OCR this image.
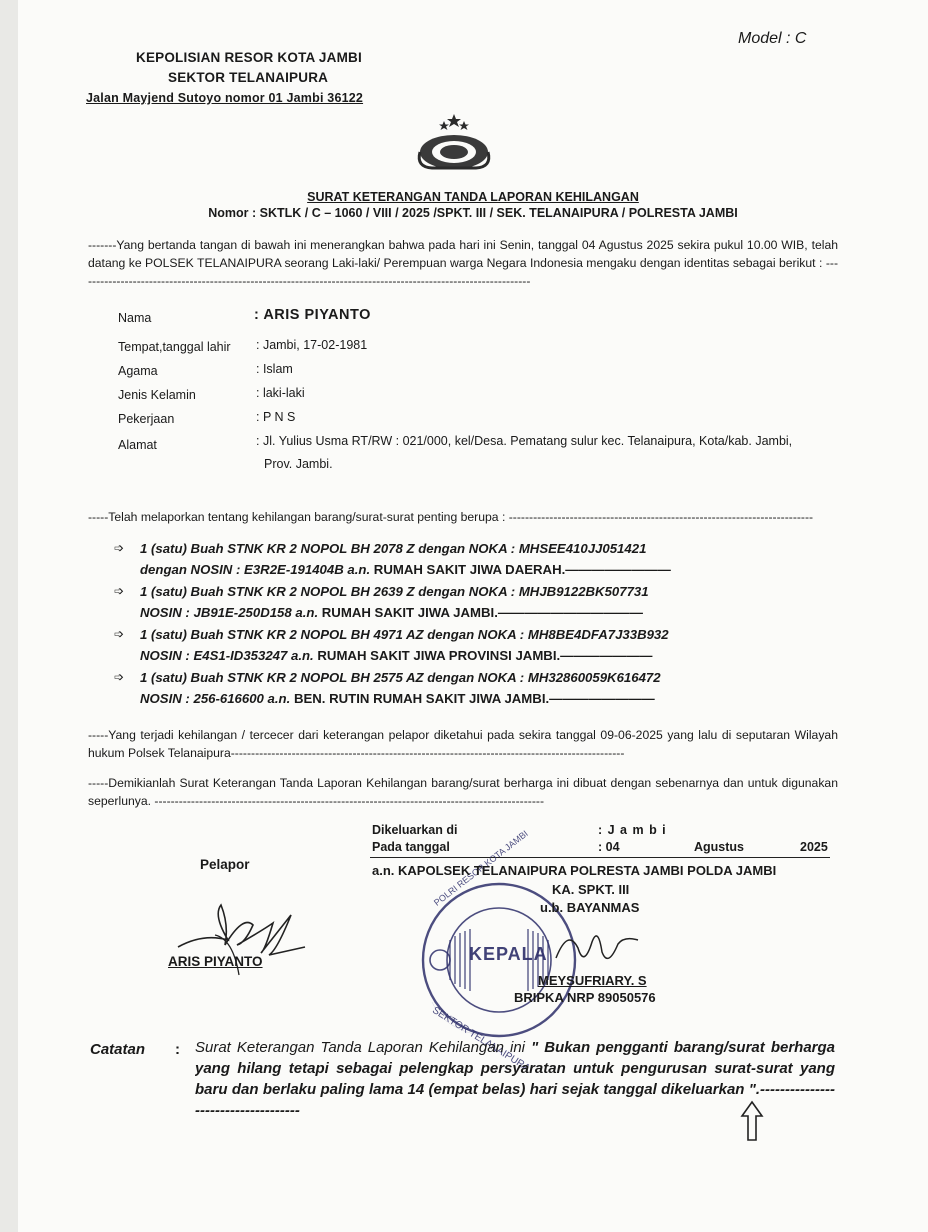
KEPOLISIAN RESOR KOTA JAMBI
SEKTOR TELANAIPURA
Jalan Mayjend Sutoyo nomor 01 Jambi 36122
Model : C
SURAT KETERANGAN TANDA LAPORAN KEHILANGAN
Nomor : SKTLK / C – 1060 / VIII / 2025 /SPKT. III / SEK. TELANAIPURA / POLRESTA JAMBI
-------Yang bertanda tangan di bawah ini menerangkan bahwa pada hari ini Senin, tanggal 04 Agustus 2025 sekira pukul 10.00 WIB, telah datang ke POLSEK TELANAIPURA seorang Laki-laki/ Perempuan warga Negara Indonesia mengaku dengan identitas sebagai berikut : ----------------------------------------------------------------------------------------------------------------
Nama	: ARIS PIYANTO
Tempat,tanggal lahir : Jambi, 17-02-1981
Agama	: Islam
Jenis Kelamin	: laki-laki
Pekerjaan	: P N S
Alamat	: Jl. Yulius Usma RT/RW : 021/000, kel/Desa. Pematang sulur kec. Telanaipura, Kota/kab. Jambi,
Prov. Jambi.
-----Telah melaporkan tentang kehilangan barang/surat-surat penting berupa : ---------------------------------------------------------------------------
➩ 1 (satu) Buah STNK KR 2 NOPOL BH 2078 Z dengan NOKA : MHSEE410JJ051421
dengan NOSIN : E3R2E-191404B a.n. RUMAH SAKIT JIWA DAERAH.————————
➩ 1 (satu) Buah STNK KR 2 NOPOL BH 2639 Z dengan NOKA : MHJB9122BK507731
NOSIN : JB91E-250D158 a.n. RUMAH SAKIT JIWA JAMBI.———————————
➩ 1 (satu) Buah STNK KR 2 NOPOL BH 4971 AZ dengan NOKA : MH8BE4DFA7J33B932
NOSIN : E4S1-ID353247 a.n. RUMAH SAKIT JIWA PROVINSI JAMBI.———————
➩ 1 (satu) Buah STNK KR 2 NOPOL BH 2575 AZ dengan NOKA : MH32860059K616472
NOSIN : 256-616600 a.n. BEN. RUTIN RUMAH SAKIT JIWA JAMBI.————————
-----Yang terjadi kehilangan / tercecer dari keterangan pelapor diketahui pada sekira tanggal 09-06-2025 yang lalu di seputaran Wilayah hukum Polsek Telanaipura-------------------------------------------------------------------------------------------------
-----Demikianlah Surat Keterangan Tanda Laporan Kehilangan barang/surat berharga ini dibuat dengan sebenarnya dan untuk digunakan seperlunya. ------------------------------------------------------------------------------------------------
Dikeluarkan di	: J a m b i
Pada tanggal	: 04	Agustus	2025
Pelapor
ARIS PIYANTO	KEPALA
POLRI RESOR KOTA JAMBI
SEKTOR TELANAIPURA
a.n. KAPOLSEK TELANAIPURA POLRESTA JAMBI POLDA JAMBI
KA. SPKT. III
u.b. BAYANMAS
MEYSUFRIARY. S
BRIPKA NRP 89050576
Catatan : Surat Keterangan Tanda Laporan Kehilangan ini " Bukan pengganti barang/surat berharga yang hilang tetapi sebagai pelengkap persyaratan untuk pengurusan surat-surat yang baru dan berlaku paling lama 14 (empat belas) hari sejak tanggal dikeluarkan ".------------------------------------
